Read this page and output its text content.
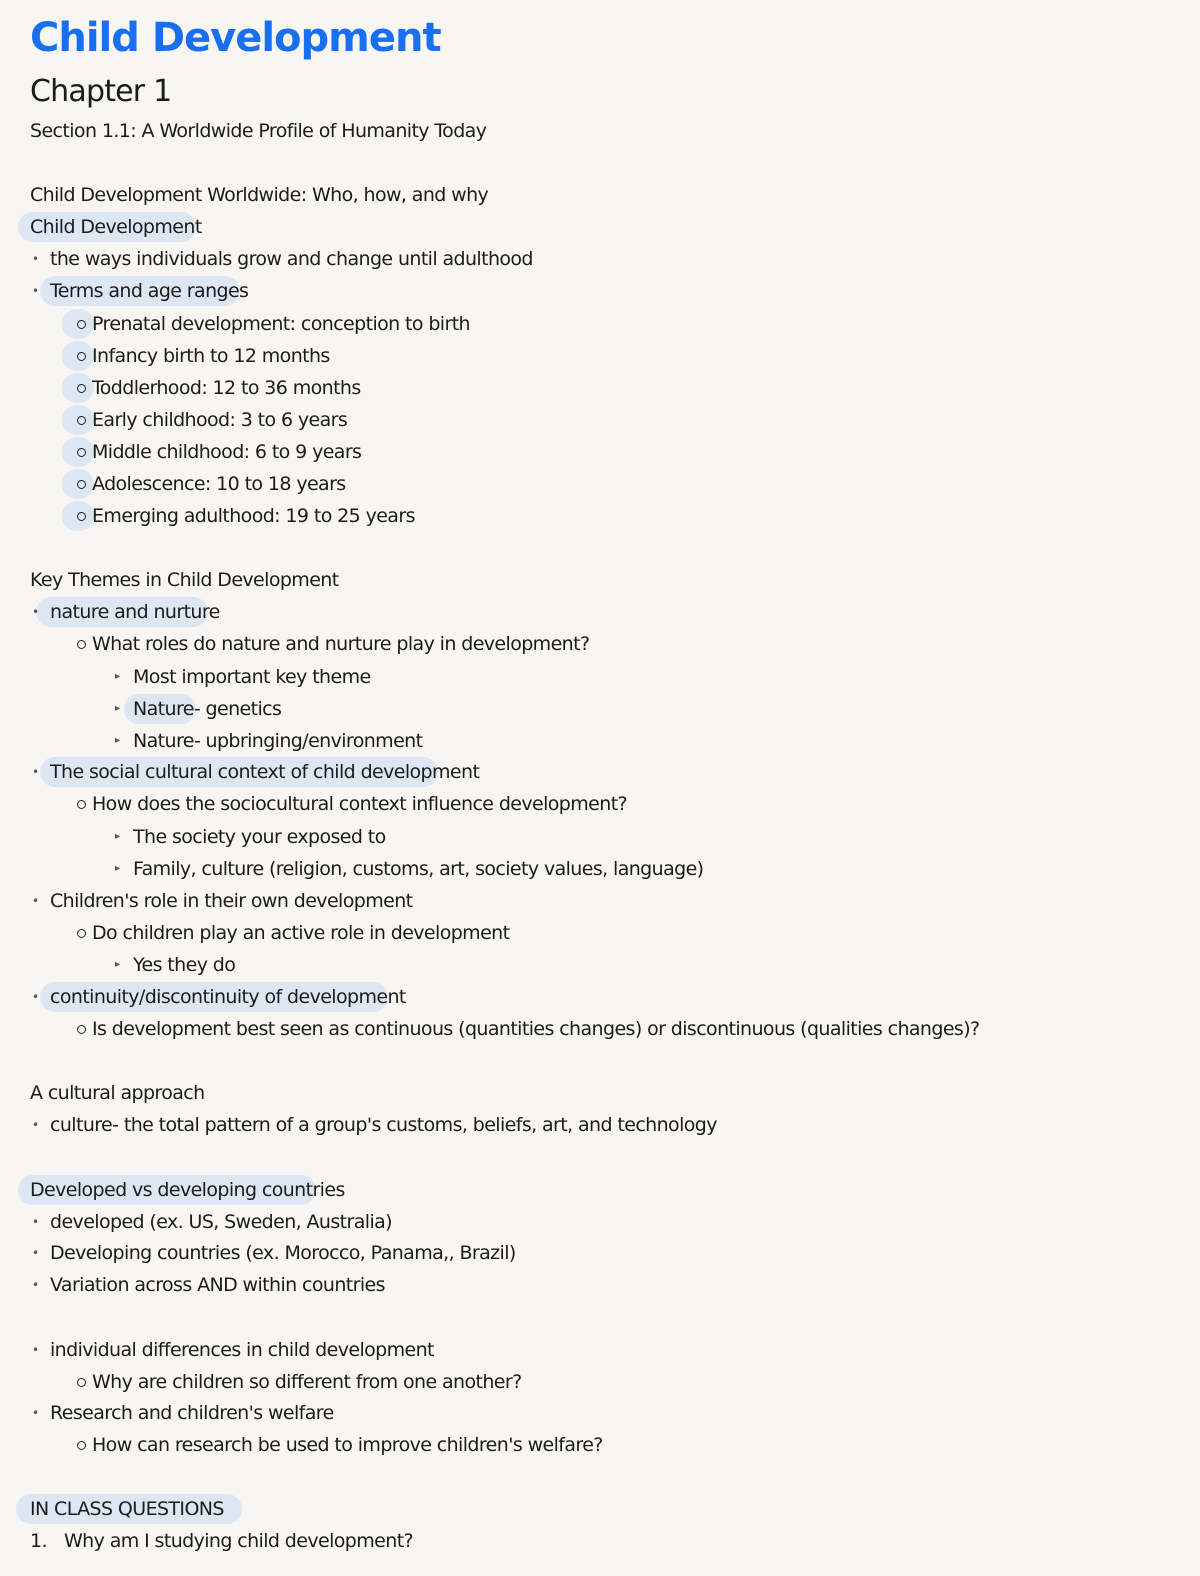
Child Development
Chapter 1
Section 1.1: A Worldwide Profile of Humanity Today
Child Development Worldwide: Who, how, and why
Child Development
• the ways individuals grow and change until adulthood
• Terms and age ranges
Prenatal development: conception to birth
Infancy birth to 12 months
Toddlerhood: 12 to 36 months
Early childhood: 3 to 6 years
Middle childhood: 6 to 9 years
Adolescence: 10 to 18 years
Emerging adulthood: 19 to 25 years
Key Themes in Child Development
• nature and nurture
What roles do nature and nurture play in development?
▸ Most important key theme
▸ Nature- genetics
▸ Nature- upbringing/environment
• The social cultural context of child development
How does the sociocultural context influence development?
▸ The society your exposed to
▸ Family, culture (religion, customs, art, society values, language)
• Children's role in their own development
Do children play an active role in development
▸ Yes they do
• continuity/discontinuity of development
Is development best seen as continuous (quantities changes) or discontinuous (qualities changes)?
A cultural approach
• culture- the total pattern of a group's customs, beliefs, art, and technology
Developed vs developing countries
• developed (ex. US, Sweden, Australia)
• Developing countries (ex. Morocco, Panama,, Brazil)
• Variation across AND within countries
• individual differences in child development
Why are children so different from one another?
• Research and children's welfare
How can research be used to improve children's welfare?
IN CLASS QUESTIONS
1. Why am I studying child development?
